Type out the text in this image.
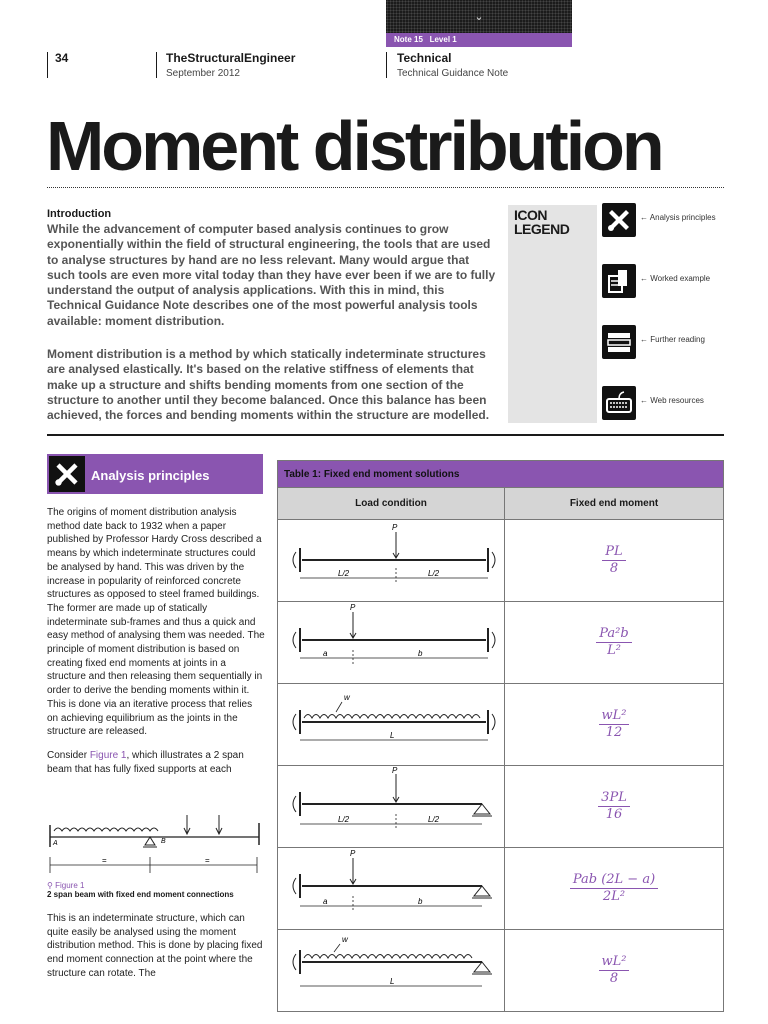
⌄
Note 15 Level 1
34	TheStructuralEngineer
September 2012
Technical
Technical Guidance Note
Moment distribution
Introduction
While the advancement of computer based analysis continues to grow exponentially within the field of structural engineering, the tools that are used to analyse structures by hand are no less relevant. Many would argue that such tools are even more vital today than they have ever been if we are to fully understand the output of analysis applications. With this in mind, this Technical Guidance Note describes one of the most powerful analysis tools available: moment distribution.
Moment distribution is a method by which statically indeterminate structures are analysed elastically. It's based on the relative stiffness of elements that make up a structure and shifts bending moments from one section of the structure to another until they become balanced. Once this balance has been achieved, the forces and bending moments within the structure are modelled.
ICON
LEGEND
← Analysis principles
← Worked example
← Further reading
← Web resources
Analysis principles

The origins of moment distribution analysis method date back to 1932 when a paper published by Professor Hardy Cross described a means by which indeterminate structures could be analysed by hand. This was driven by the increase in popularity of reinforced concrete structures as opposed to steel framed buildings. The former are made up of statically indeterminate sub-frames and thus a quick and easy method of analysing them was needed. The principle of moment distribution is based on creating fixed end moments at joints in a structure and then releasing them sequentially in order to derive the bending moments within it. This is done via an iterative process that relies on achieving equilibrium as the joints in the structure are released.

Consider Figure 1, which illustrates a 2 span beam that has fully fixed supports at each

A	B
=	=
⚲ Figure 1
2 span beam with fixed end moment connections
This is an indeterminate structure, which can quite easily be analysed using the moment distribution method. This is done by placing fixed end moment connection at the point where the structure can rotate. The
Table 1: Fixed end moment solutions	
Load condition	Fixed end moment

P
L/2 L/2	$\frac{PL}{8}$

P
a b	$\frac{\text{Pa²b}}{\text{L²}}$

w
L	$\frac{\text{wL²}}{12}$

P
L/2 L/2	$\frac{3PL}{16}$

P
a b	$\frac{\text{Pab (2L − a)}}{\text{2L²}}$

w
L	$\frac{\text{wL²}}{8}$
